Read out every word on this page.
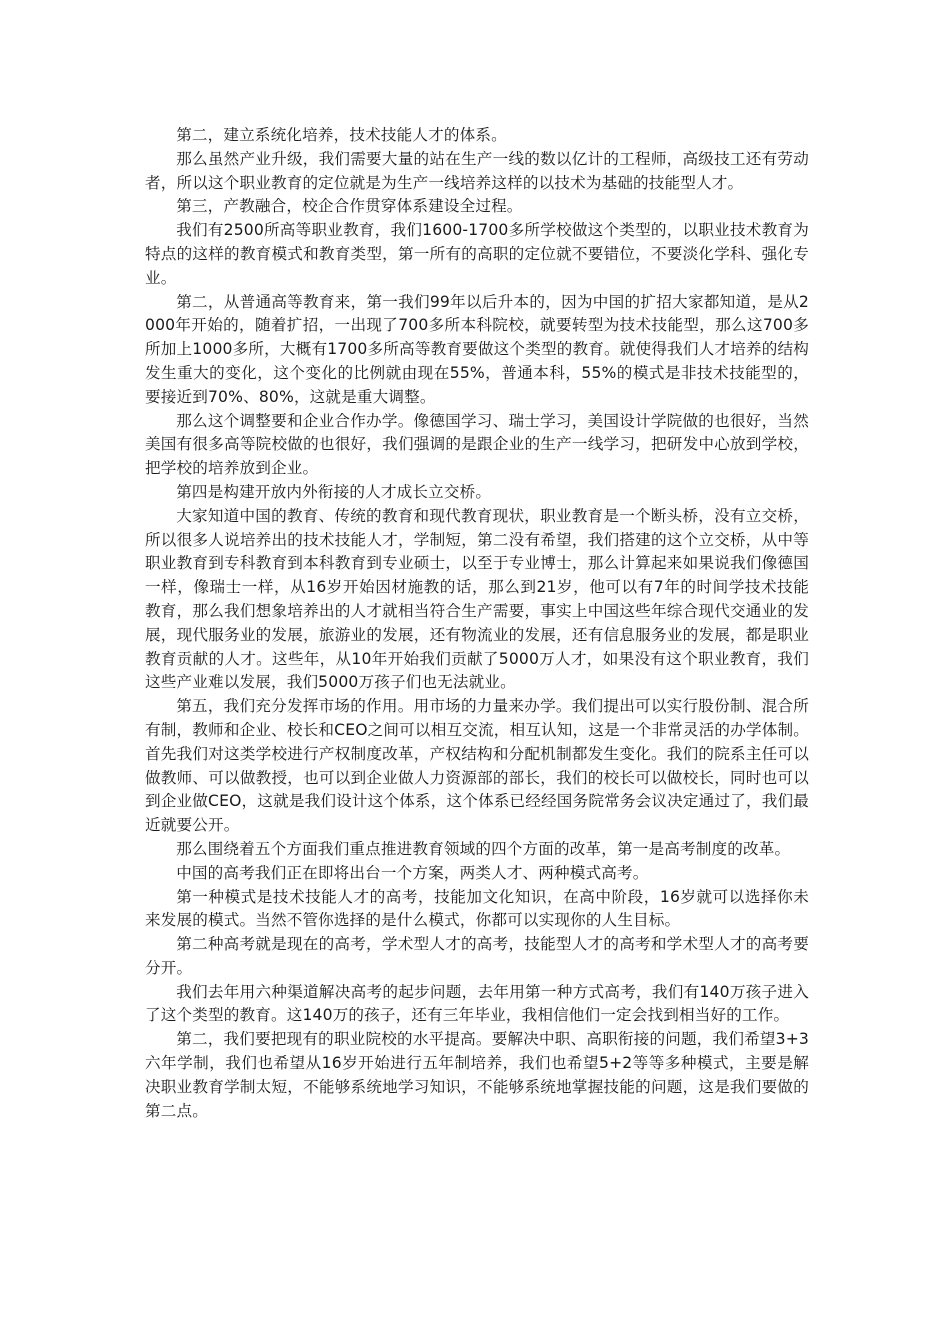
第二，建立系统化培养，技术技能人才的体系。

那么虽然产业升级，我们需要大量的站在生产一线的数以亿计的工程师，高级技工还有劳动者，所以这个职业教育的定位就是为生产一线培养这样的以技术为基础的技能型人才。

第三，产教融合，校企合作贯穿体系建设全过程。

我们有2500所高等职业教育，我们1600-1700多所学校做这个类型的，以职业技术教育为特点的这样的教育模式和教育类型，第一所有的高职的定位就不要错位，不要淡化学科、强化专业。

第二，从普通高等教育来，第一我们99年以后升本的，因为中国的扩招大家都知道，是从2000年开始的，随着扩招，一出现了700多所本科院校，就要转型为技术技能型，那么这700多所加上1000多所，大概有1700多所高等教育要做这个类型的教育。就使得我们人才培养的结构发生重大的变化，这个变化的比例就由现在55%，普通本科，55%的模式是非技术技能型的，要接近到70%、80%，这就是重大调整。

那么这个调整要和企业合作办学。像德国学习、瑞士学习，美国设计学院做的也很好，当然美国有很多高等院校做的也很好，我们强调的是跟企业的生产一线学习，把研发中心放到学校，把学校的培养放到企业。

第四是构建开放内外衔接的人才成长立交桥。

大家知道中国的教育、传统的教育和现代教育现状，职业教育是一个断头桥，没有立交桥，所以很多人说培养出的技术技能人才，学制短，第二没有希望，我们搭建的这个立交桥，从中等职业教育到专科教育到本科教育到专业硕士，以至于专业博士，那么计算起来如果说我们像德国一样，像瑞士一样，从16岁开始因材施教的话，那么到21岁，他可以有7年的时间学技术技能教育，那么我们想象培养出的人才就相当符合生产需要，事实上中国这些年综合现代交通业的发展，现代服务业的发展，旅游业的发展，还有物流业的发展，还有信息服务业的发展，都是职业教育贡献的人才。这些年，从10年开始我们贡献了5000万人才，如果没有这个职业教育，我们这些产业难以发展，我们5000万孩子们也无法就业。

第五，我们充分发挥市场的作用。用市场的力量来办学。我们提出可以实行股份制、混合所有制，教师和企业、校长和CEO之间可以相互交流，相互认知，这是一个非常灵活的办学体制。首先我们对这类学校进行产权制度改革，产权结构和分配机制都发生变化。我们的院系主任可以做教师、可以做教授，也可以到企业做人力资源部的部长，我们的校长可以做校长，同时也可以到企业做CEO，这就是我们设计这个体系，这个体系已经经国务院常务会议决定通过了，我们最近就要公开。

那么围绕着五个方面我们重点推进教育领域的四个方面的改革，第一是高考制度的改革。

中国的高考我们正在即将出台一个方案，两类人才、两种模式高考。

第一种模式是技术技能人才的高考，技能加文化知识，在高中阶段，16岁就可以选择你未来发展的模式。当然不管你选择的是什么模式，你都可以实现你的人生目标。

第二种高考就是现在的高考，学术型人才的高考，技能型人才的高考和学术型人才的高考要分开。

我们去年用六种渠道解决高考的起步问题，去年用第一种方式高考，我们有140万孩子进入了这个类型的教育。这140万的孩子，还有三年毕业，我相信他们一定会找到相当好的工作。

第二，我们要把现有的职业院校的水平提高。要解决中职、高职衔接的问题，我们希望3+3六年学制，我们也希望从16岁开始进行五年制培养，我们也希望5+2等等多种模式，主要是解决职业教育学制太短，不能够系统地学习知识，不能够系统地掌握技能的问题，这是我们要做的第二点。
